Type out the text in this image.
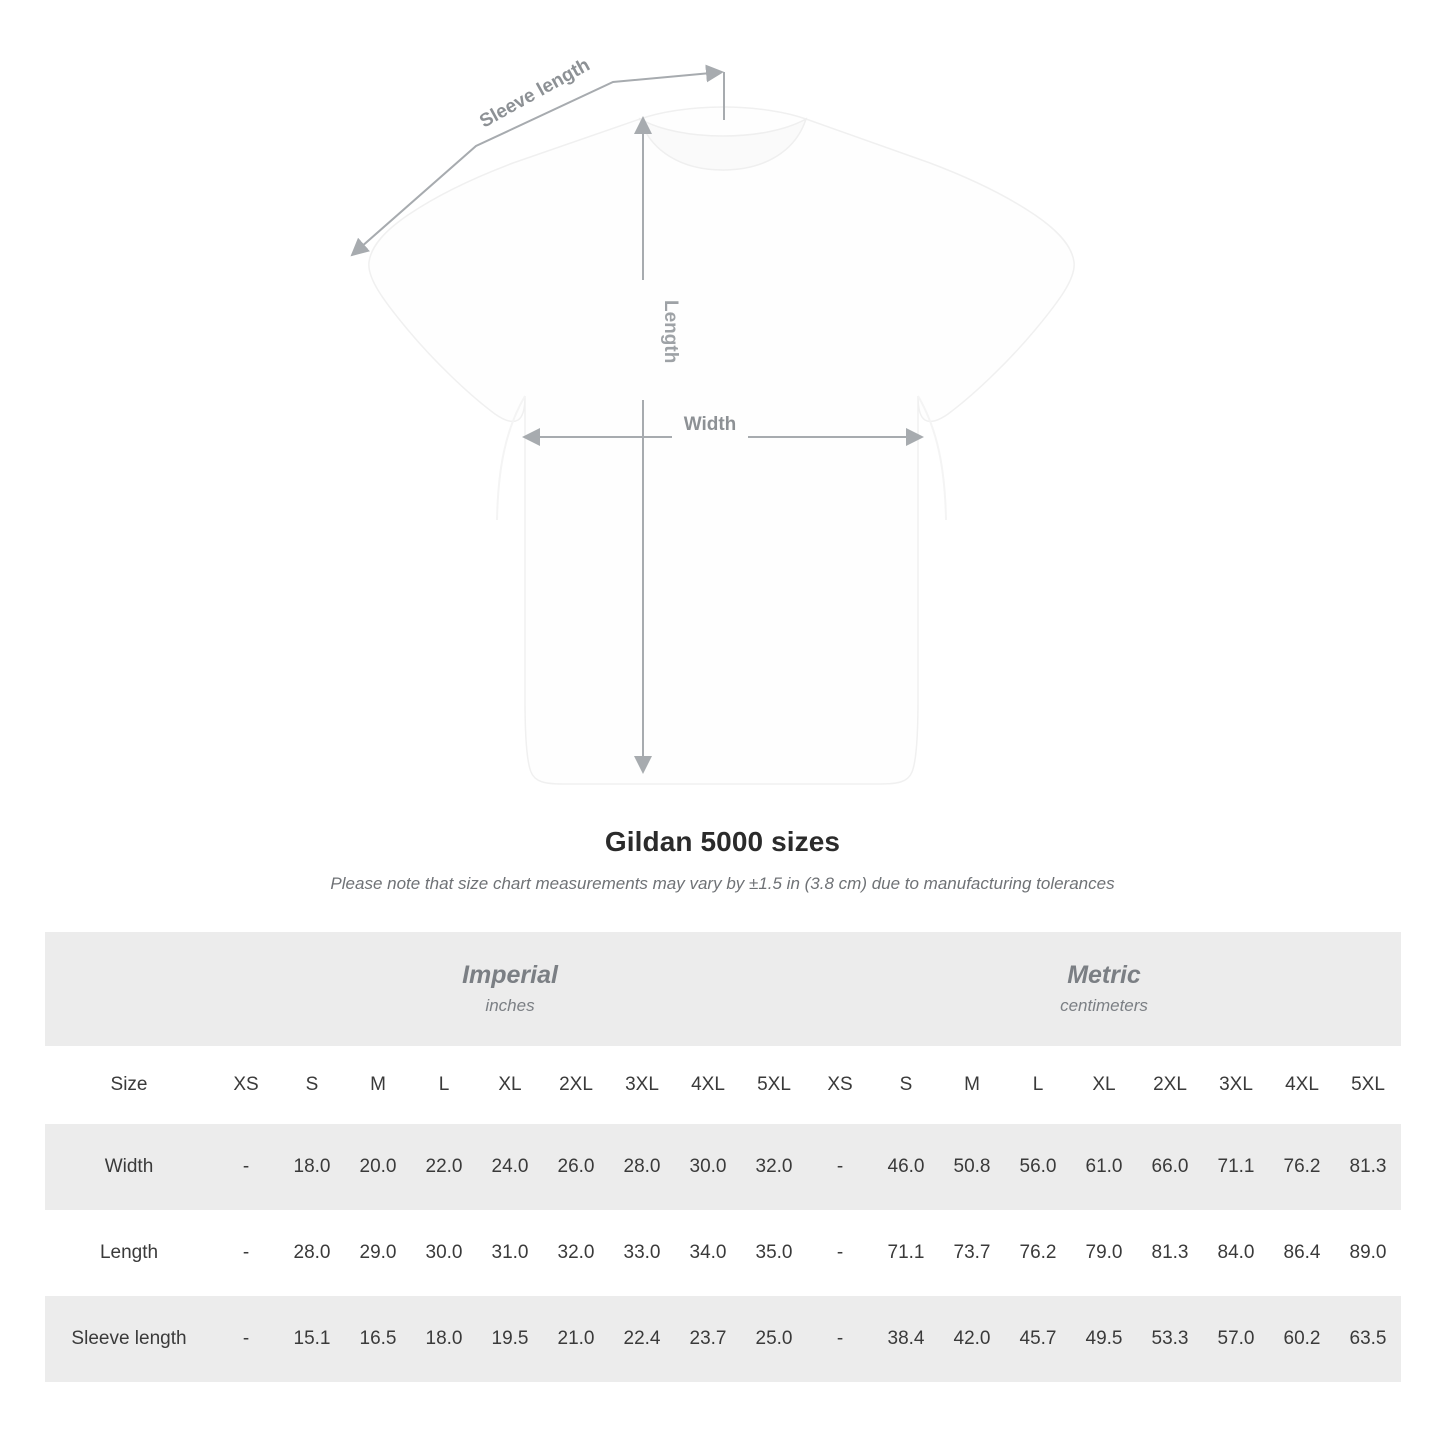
Length
Width
Sleeve length
Gildan 5000 sizes

Please note that size chart measurements may vary by ±1.5 in (3.8 cm) due to manufacturing tolerances

Imperial
inches

Metric
centimeters

Size	XS	S	M	L	XL	2XL	3XL	4XL	5XL	XS	S	M	L	XL	2XL	3XL	4XL	5XL
Width	-	18.0	20.0	22.0	24.0	26.0	28.0	30.0	32.0	-	46.0	50.8	56.0	61.0	66.0	71.1	76.2	81.3
Length	-	28.0	29.0	30.0	31.0	32.0	33.0	34.0	35.0	-	71.1	73.7	76.2	79.0	81.3	84.0	86.4	89.0
Sleeve length	-	15.1	16.5	18.0	19.5	21.0	22.4	23.7	25.0	-	38.4	42.0	45.7	49.5	53.3	57.0	60.2	63.5
